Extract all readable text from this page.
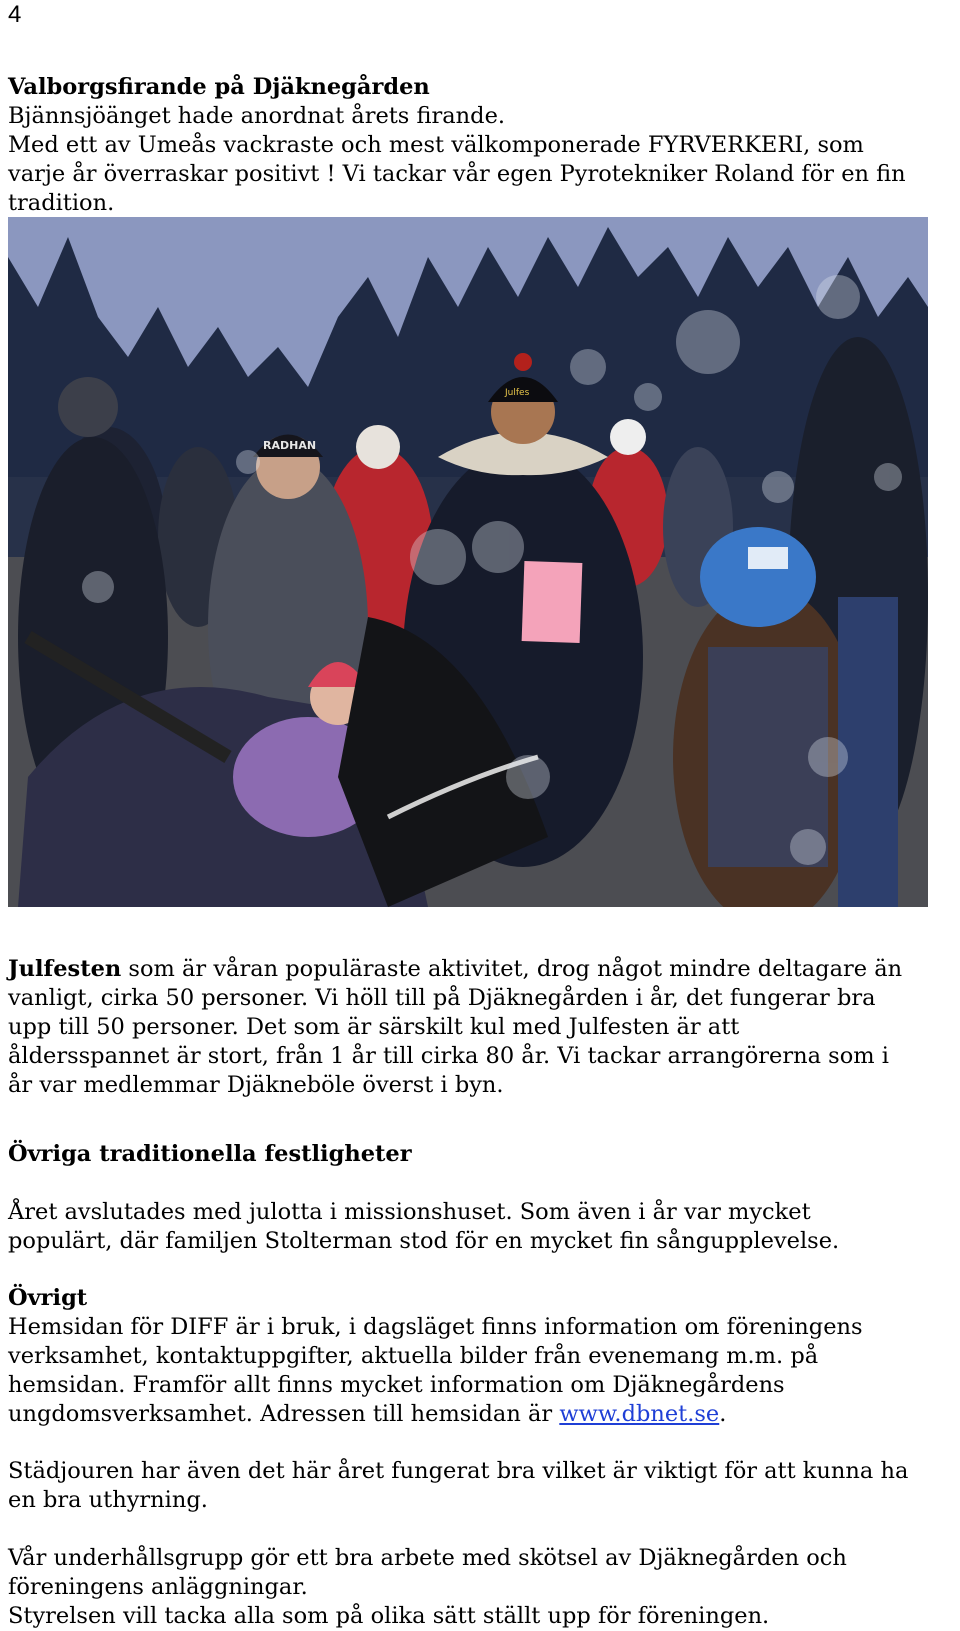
4
Valborgsfirande på Djäknegården
Bjännsjöänget hade anordnat årets firande.
Med ett av Umeås vackraste och mest välkomponerade FYRVERKERI, som
varje år överraskar positivt ! Vi tackar vår egen Pyrotekniker Roland för en fin
tradition.
RADHAN
Julfes
Julfesten som är våran populäraste aktivitet, drog något mindre deltagare än
vanligt, cirka 50 personer. Vi höll till på Djäknegården i år, det fungerar bra
upp till 50 personer. Det som är särskilt kul med Julfesten är att
åldersspannet är stort, från 1 år till cirka 80 år. Vi tackar arrangörerna som i
år var medlemmar Djäkneböle överst i byn.
Övriga traditionella festligheter
Året avslutades med julotta i missionshuset. Som även i år var mycket
populärt, där familjen Stolterman stod för en mycket fin sångupplevelse.
Övrigt
Hemsidan för DIFF är i bruk, i dagsläget finns information om föreningens
verksamhet, kontaktuppgifter, aktuella bilder från evenemang m.m. på
hemsidan. Framför allt finns mycket information om Djäknegårdens
ungdomsverksamhet. Adressen till hemsidan är www.dbnet.se.
Städjouren har även det här året fungerat bra vilket är viktigt för att kunna ha
en bra uthyrning.
Vår underhållsgrupp gör ett bra arbete med skötsel av Djäknegården och
föreningens anläggningar.
Styrelsen vill tacka alla som på olika sätt ställt upp för föreningen.
